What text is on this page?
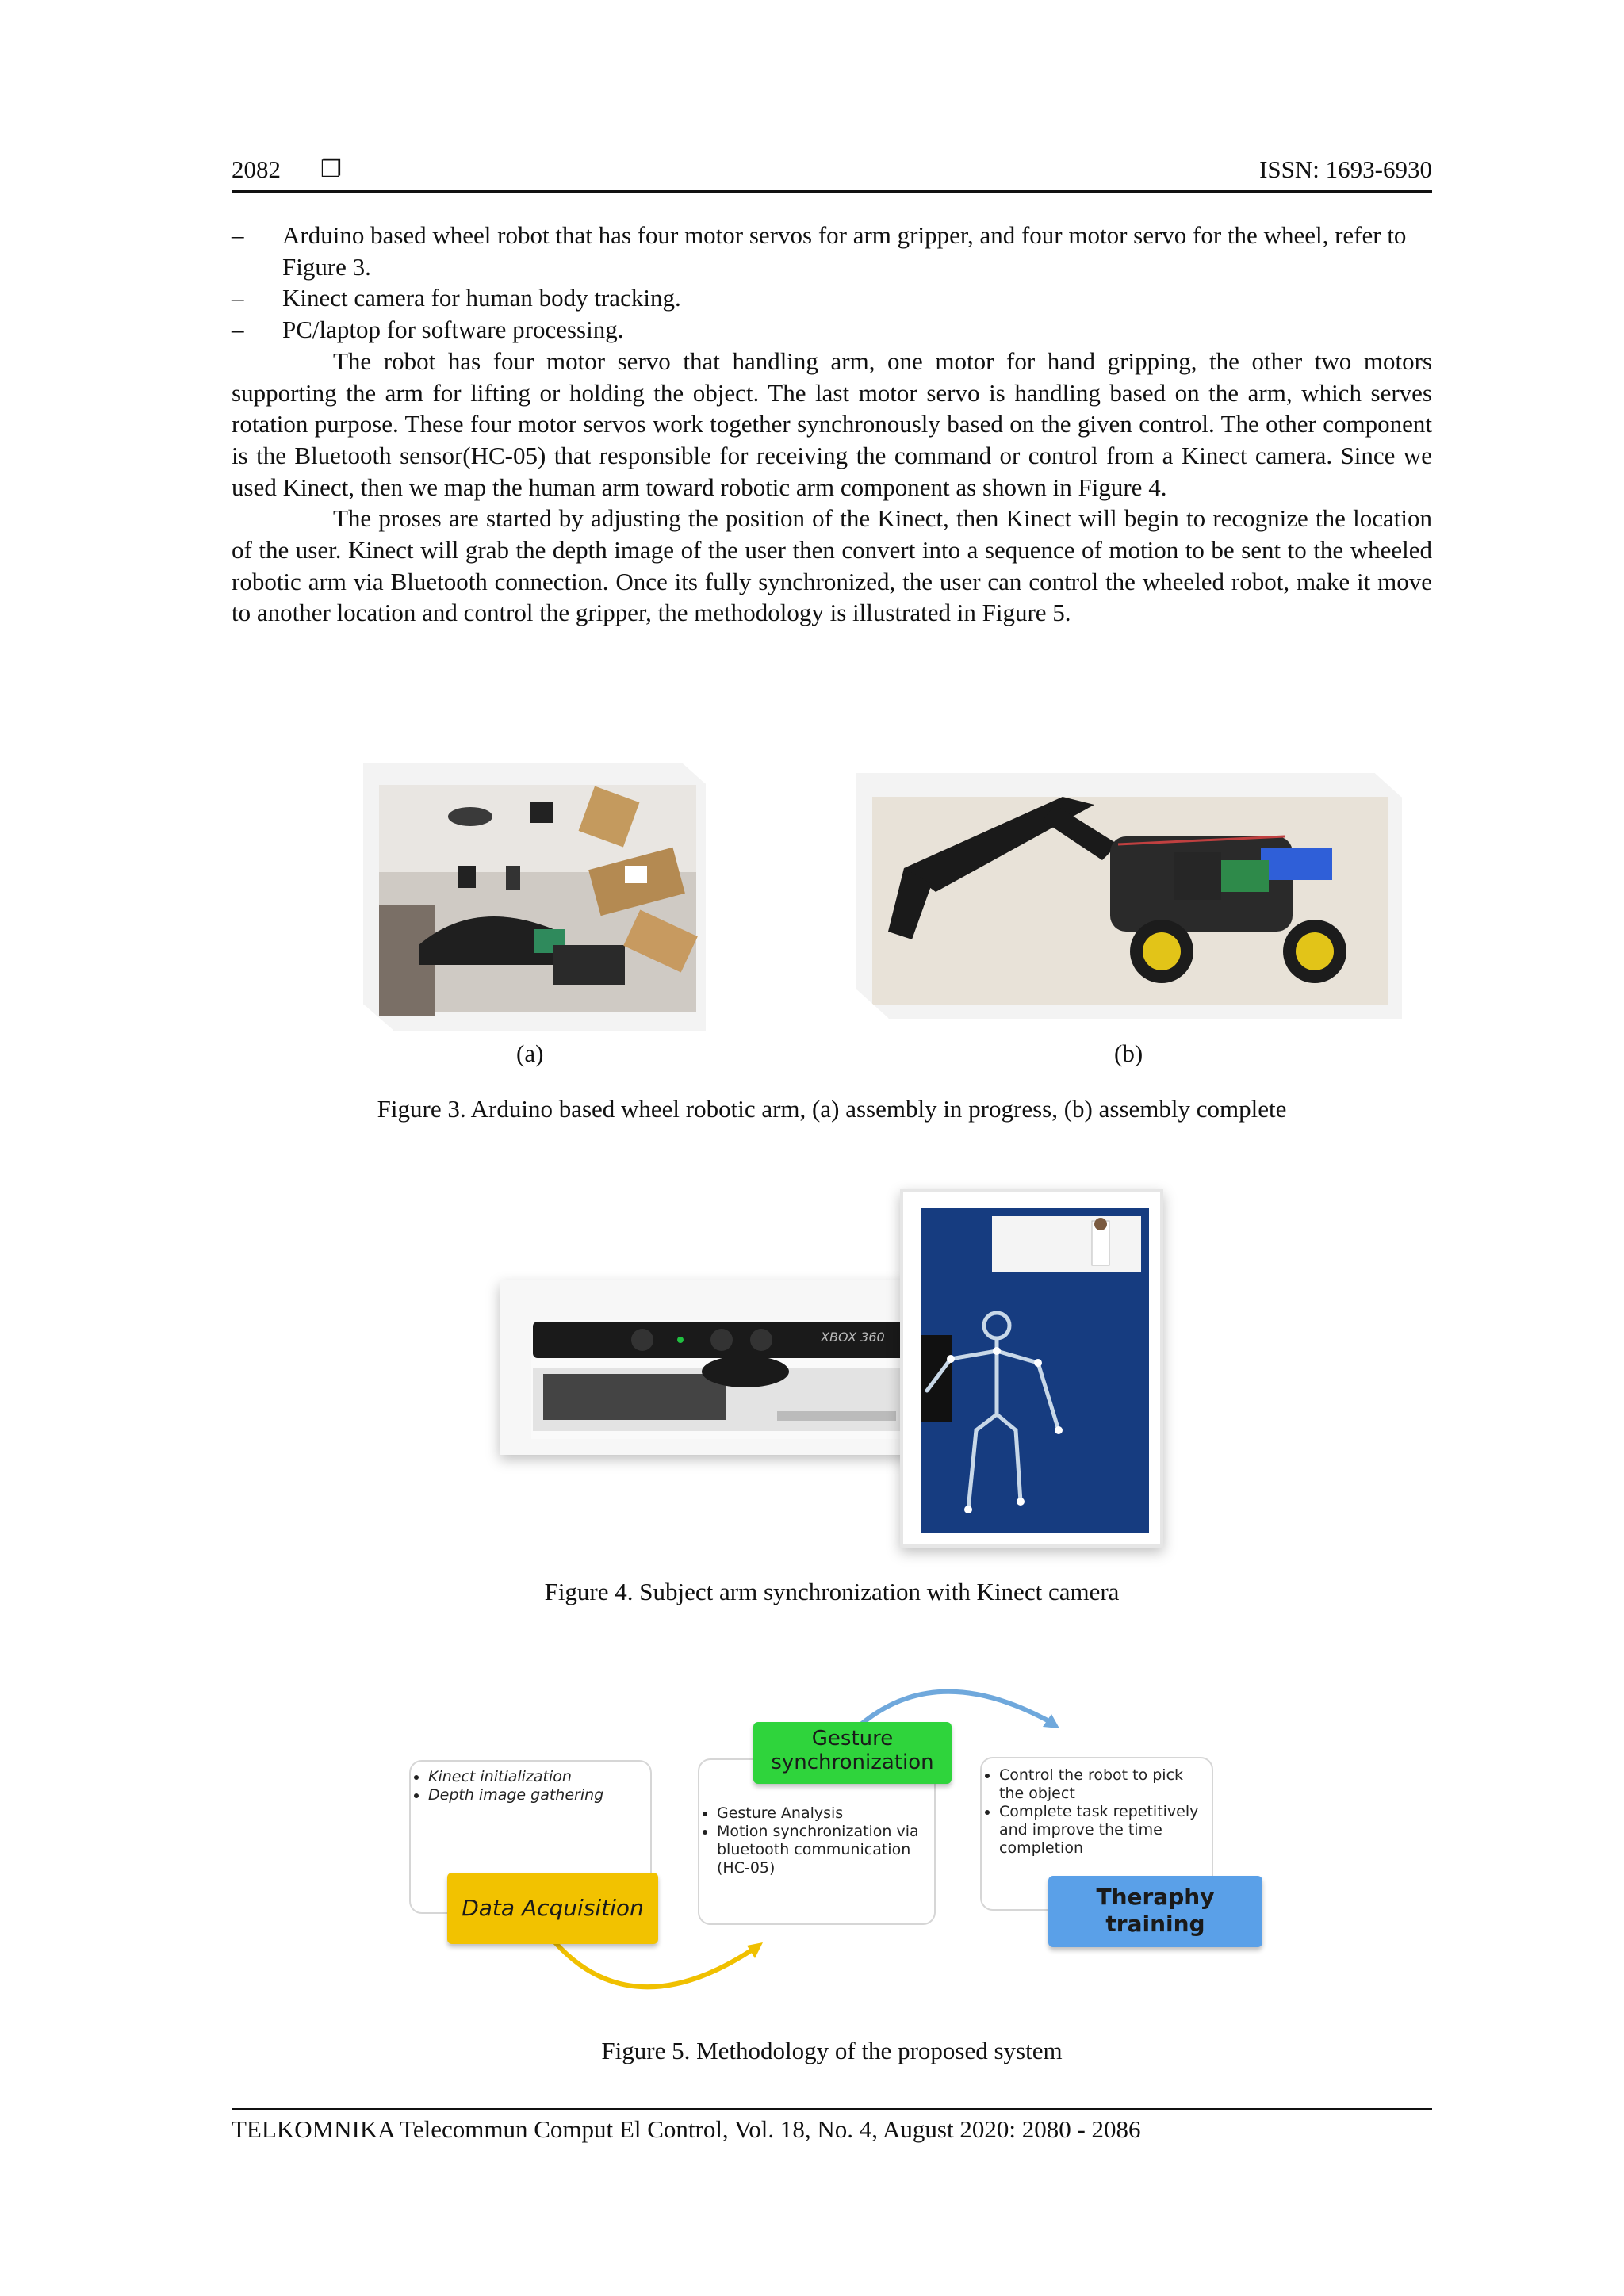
2082 ❐	ISSN: 1693-6930
–	Arduino based wheel robot that has four motor servos for arm gripper, and four motor servo for the wheel, refer to Figure 3.
–	Kinect camera for human body tracking.
–	PC/laptop for software processing.

The robot has four motor servo that handling arm, one motor for hand gripping, the other two motors supporting the arm for lifting or holding the object. The last motor servo is handling based on the arm, which serves rotation purpose. These four motor servos work together synchronously based on the given control. The other component is the Bluetooth sensor(HC-05) that responsible for receiving the command or control from a Kinect camera. Since we used Kinect, then we map the human arm toward robotic arm component as shown in Figure 4.

The proses are started by adjusting the position of the Kinect, then Kinect will begin to recognize the location of the user. Kinect will grab the depth image of the user then convert into a sequence of motion to be sent to the wheeled robotic arm via Bluetooth connection. Once its fully synchronized, the user can control the wheeled robot, make it move to another location and control the gripper, the methodology is illustrated in Figure 5.

(a)	(b)
Figure 3. Arduino based wheel robotic arm, (a) assembly in progress, (b) assembly complete
XBOX 360
Figure 4. Subject arm synchronization with Kinect camera
• Kinect initialization
• Depth image gathering
Data Acquisition
• Gesture Analysis
• Motion synchronization via bluetooth communication (HC-05)
Gesture synchronization
• Control the robot to pick the object
• Complete task repetitively and improve the time completion
Theraphy training
Figure 5. Methodology of the proposed system
TELKOMNIKA Telecommun Comput El Control, Vol. 18, No. 4, August 2020: 2080 - 2086
